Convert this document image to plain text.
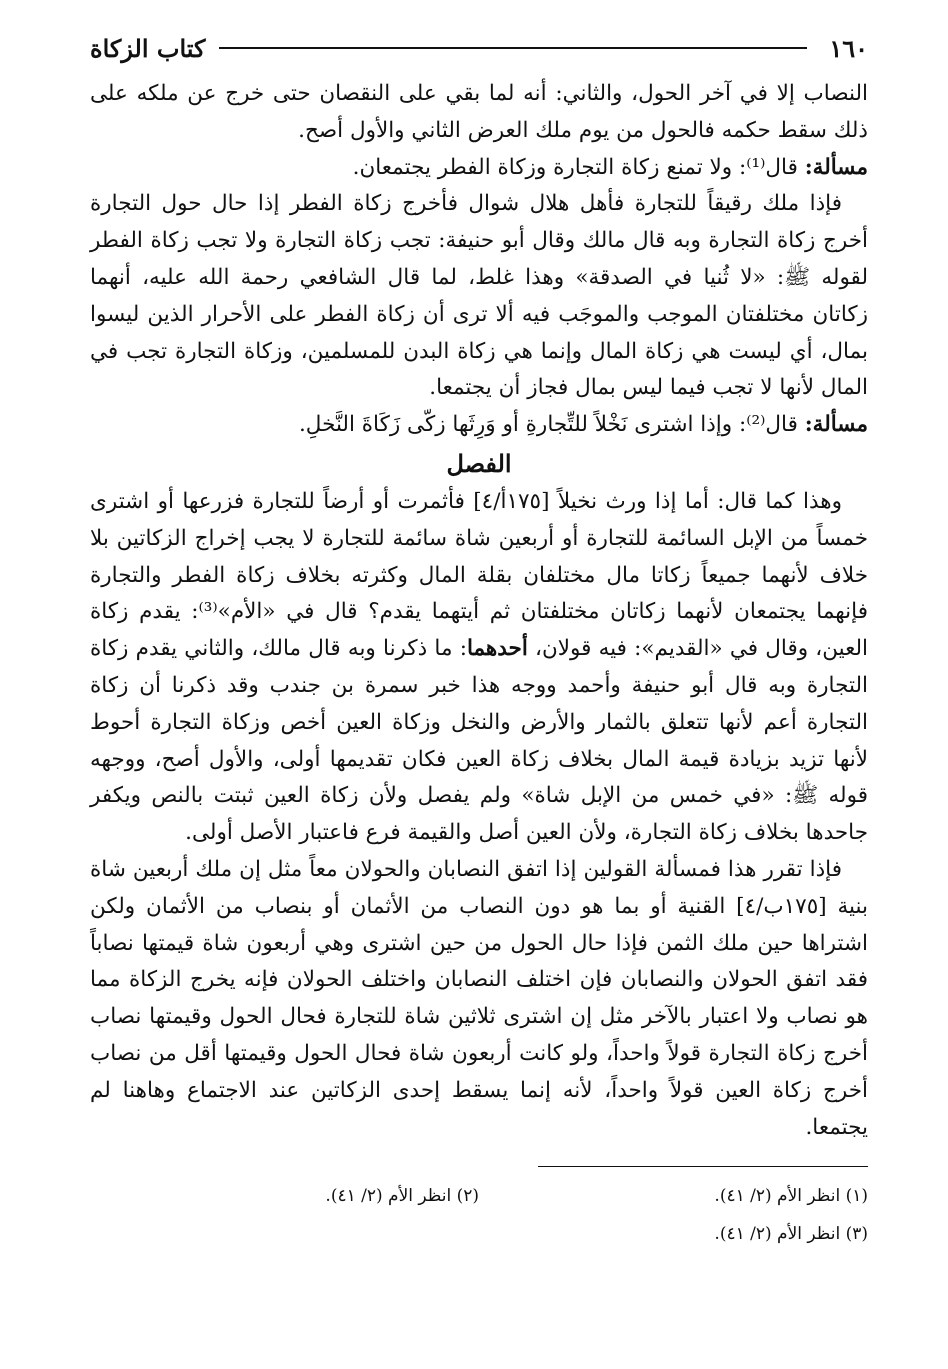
١٦٠
كتاب الزكاة

النصاب إلا في آخر الحول، والثاني: أنه لما بقي على النقصان حتى خرج عن ملكه على ذلك سقط حكمه فالحول من يوم ملك العرض الثاني والأول أصح.

مسألة: قال⁽¹⁾: ولا تمنع زكاة التجارة وزكاة الفطر يجتمعان.

فإذا ملك رقيقاً للتجارة فأهل هلال شوال فأخرج زكاة الفطر إذا حال حول التجارة أخرج زكاة التجارة وبه قال مالك وقال أبو حنيفة: تجب زكاة التجارة ولا تجب زكاة الفطر لقوله ﷺ: «لا ثُنيا في الصدقة» وهذا غلط، لما قال الشافعي رحمة الله عليه، أنهما زكاتان مختلفتان الموجب والموجَب فيه ألا ترى أن زكاة الفطر على الأحرار الذين ليسوا بمال، أي ليست هي زكاة المال وإنما هي زكاة البدن للمسلمين، وزكاة التجارة تجب في المال لأنها لا تجب فيما ليس بمال فجاز أن يجتمعا.

مسألة: قال⁽²⁾: وإذا اشترى نَخْلاً للتِّجارةِ أو وَرِثَها زكّى زَكَاةَ النَّخلِ.

الفصل

وهذا كما قال: أما إذا ورث نخيلاً [١٧٥أ/٤] فأثمرت أو أرضاً للتجارة فزرعها أو اشترى خمساً من الإبل السائمة للتجارة أو أربعين شاة سائمة للتجارة لا يجب إخراج الزكاتين بلا خلاف لأنهما جميعاً زكاتا مال مختلفان بقلة المال وكثرته بخلاف زكاة الفطر والتجارة فإنهما يجتمعان لأنهما زكاتان مختلفتان ثم أيتهما يقدم؟ قال في «الأم»⁽³⁾: يقدم زكاة العين، وقال في «القديم»: فيه قولان، أحدهما: ما ذكرنا وبه قال مالك، والثاني يقدم زكاة التجارة وبه قال أبو حنيفة وأحمد ووجه هذا خبر سمرة بن جندب وقد ذكرنا أن زكاة التجارة أعم لأنها تتعلق بالثمار والأرض والنخل وزكاة العين أخص وزكاة التجارة أحوط لأنها تزيد بزيادة قيمة المال بخلاف زكاة العين فكان تقديمها أولى، والأول أصح، ووجهه قوله ﷺ: «في خمس من الإبل شاة» ولم يفصل ولأن زكاة العين ثبتت بالنص ويكفر جاحدها بخلاف زكاة التجارة، ولأن العين أصل والقيمة فرع فاعتبار الأصل أولى.

فإذا تقرر هذا فمسألة القولين إذا اتفق النصابان والحولان معاً مثل إن ملك أربعين شاة بنية [١٧٥ب/٤] القنية أو بما هو دون النصاب من الأثمان أو بنصاب من الأثمان ولكن اشتراها حين ملك الثمن فإذا حال الحول من حين اشترى وهي أربعون شاة قيمتها نصاباً فقد اتفق الحولان والنصابان فإن اختلف النصابان واختلف الحولان فإنه يخرج الزكاة مما هو نصاب ولا اعتبار بالآخر مثل إن اشترى ثلاثين شاة للتجارة فحال الحول وقيمتها نصاب أخرج زكاة التجارة قولاً واحداً، ولو كانت أربعون شاة فحال الحول وقيمتها أقل من نصاب أخرج زكاة العين قولاً واحداً، لأنه إنما يسقط إحدى الزكاتين عند الاجتماع وهاهنا لم يجتمعا.

(١) انظر الأم (٢/ ٤١).
(٢) انظر الأم (٢/ ٤١).
(٣) انظر الأم (٢/ ٤١).
